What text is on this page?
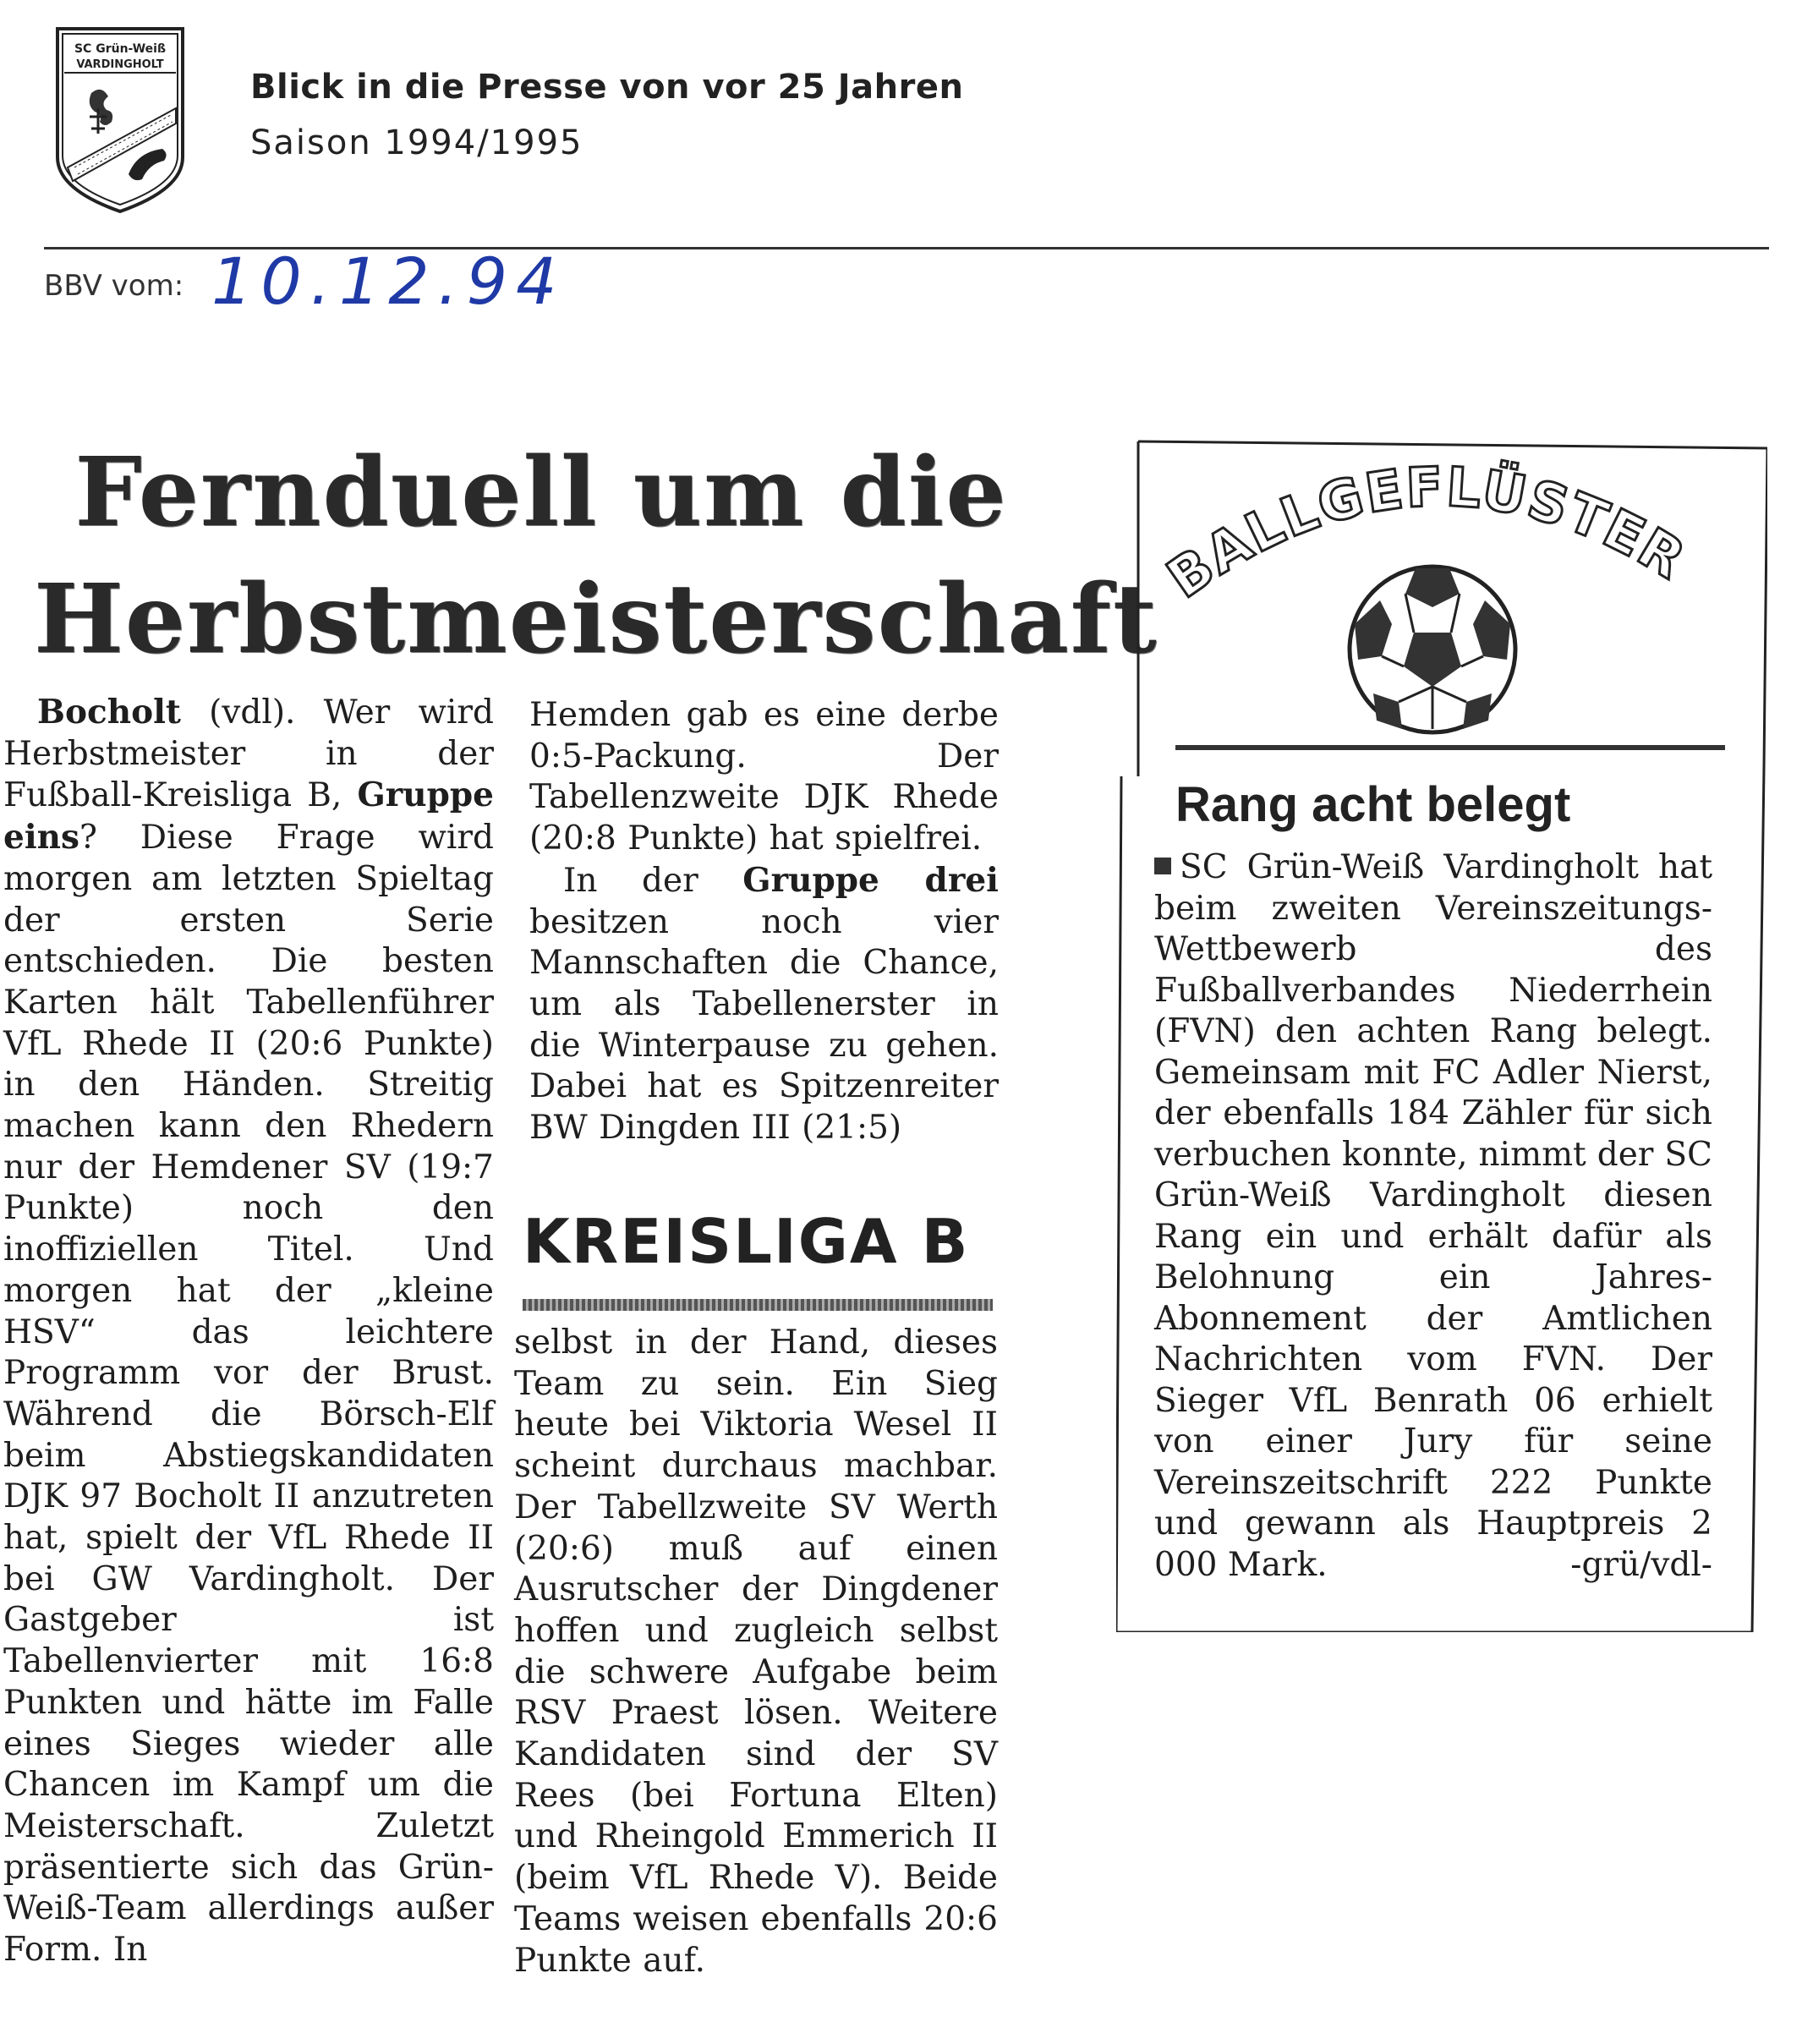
SC Grün-Weiß
VARDINGHOLT
Blick in die Presse von vor 25 Jahren
Saison 1994/1995
BBV vom: 10.12.94
Fernduell um die
Herbstmeisterschaft

Bocholt (vdl). Wer wird Herbstmeister in der Fußball-Kreisliga B, Gruppe eins? Diese Frage wird morgen am letzten Spieltag der ersten Serie entschieden. Die besten Karten hält Tabellenführer VfL Rhede II (20:6 Punkte) in den Händen. Streitig machen kann den Rhedern nur der Hemdener SV (19:7 Punkte) noch den inoffiziellen Titel. Und morgen hat der „kleine HSV“ das leichtere Programm vor der Brust. Während die Börsch-Elf beim Abstiegskandidaten DJK 97 Bocholt II anzutreten hat, spielt der VfL Rhede II bei GW Vardingholt. Der Gastgeber ist Tabellenvierter mit 16:8 Punkten und hätte im Falle eines Sieges wieder alle Chancen im Kampf um die Meisterschaft. Zuletzt präsentierte sich das Grün-Weiß-Team allerdings außer Form. In

Hemden gab es eine derbe 0:5-Packung. Der Tabellenzweite DJK Rhede (20:8 Punkte) hat spielfrei.

In der Gruppe drei besitzen noch vier Mannschaften die Chance, um als Tabellenerster in die Winterpause zu gehen. Dabei hat es Spitzenreiter BW Dingden III (21:5)

KREISLIGA B

selbst in der Hand, dieses Team zu sein. Ein Sieg heute bei Viktoria Wesel II scheint durchaus machbar. Der Tabellzweite SV Werth (20:6) muß auf einen Ausrutscher der Dingdener hoffen und zugleich selbst die schwere Aufgabe beim RSV Praest lösen. Weitere Kandidaten sind der SV Rees (bei Fortuna Elten) und Rheingold Emmerich II (beim VfL Rhede V). Beide Teams weisen ebenfalls 20:6 Punkte auf.

BALLGEFLÜSTER
Rang acht belegt

SC Grün-Weiß Vardingholt hat beim zweiten Vereinszeitungs-Wettbewerb des Fußballverbandes Niederrhein (FVN) den achten Rang belegt. Gemeinsam mit FC Adler Nierst, der ebenfalls 184 Zähler für sich verbuchen konnte, nimmt der SC Grün-Weiß Vardingholt diesen Rang ein und erhält dafür als Belohnung ein Jahres-Abonnement der Amtlichen Nachrichten vom FVN. Der Sieger VfL Benrath 06 erhielt von einer Jury für seine Vereinszeitschrift 222 Punkte und gewann als Hauptpreis 2 000 Mark.	-grü/vdl-
